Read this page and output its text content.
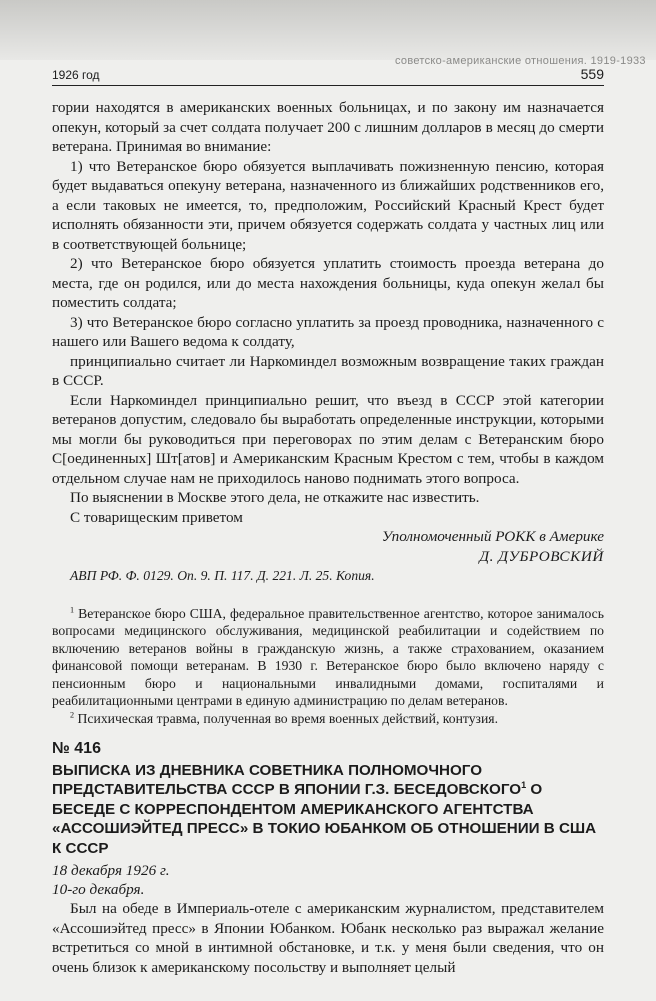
советско-американские отношения. 1919-1933
1926 год	559

гории находятся в американских военных больницах, и по закону им назначается опекун, который за счет солдата получает 200 с лишним долларов в месяц до смерти ветерана. Принимая во внимание:

1) что Ветеранское бюро обязуется выплачивать пожизненную пенсию, которая будет выдаваться опекуну ветерана, назначенного из ближайших родственников его, а если таковых не имеется, то, предположим, Российский Красный Крест будет исполнять обязанности эти, причем обязуется содержать солдата у частных лиц или в соответствующей больнице;

2) что Ветеранское бюро обязуется уплатить стоимость проезда ветерана до места, где он родился, или до места нахождения больницы, куда опекун желал бы поместить солдата;

3) что Ветеранское бюро согласно уплатить за проезд проводника, назначенного с нашего или Вашего ведома к солдату,

принципиально считает ли Наркоминдел возможным возвращение таких граждан в СССР.

Если Наркоминдел принципиально решит, что въезд в СССР этой категории ветеранов допустим, следовало бы выработать определенные инструкции, которыми мы могли бы руководиться при переговорах по этим делам с Ветеранским бюро С[оединенных] Шт[атов] и Американским Красным Крестом с тем, чтобы в каждом отдельном случае нам не приходилось наново поднимать этого вопроса.

По выяснении в Москве этого дела, не откажите нас известить.

С товарищеским приветом

Уполномоченный РОКК в Америке

Д. ДУБРОВСКИЙ

АВП РФ. Ф. 0129. Оп. 9. П. 117. Д. 221. Л. 25. Копия.

$^1$ Ветеранское бюро США, федеральное правительственное агентство, которое занималось вопросами медицинского обслуживания, медицинской реабилитации и содействием по включению ветеранов войны в гражданскую жизнь, а также страхованием, оказанием финансовой помощи ветеранам. В 1930 г. Ветеранское бюро было включено наряду с пенсионным бюро и национальными инвалидными домами, госпиталями и реабилитационными центрами в единую администрацию по делам ветеранов.

$^2$ Психическая травма, полученная во время военных действий, контузия.

№ 416
ВЫПИСКА ИЗ ДНЕВНИКА СОВЕТНИКА ПОЛНОМОЧНОГО ПРЕДСТАВИТЕЛЬСТВА СССР В ЯПОНИИ Г.З. БЕСЕДОВСКОГО$^1$ О БЕСЕДЕ С КОРРЕСПОНДЕНТОМ АМЕРИКАНСКОГО АГЕНТСТВА «АССОШИЭЙТЕД ПРЕСС» В ТОКИО ЮБАНКОМ ОБ ОТНОШЕНИИ В США К СССР
18 декабря 1926 г.
10-го декабря.

Был на обеде в Империаль-отеле с американским журналистом, представителем «Ассошиэйтед пресс» в Японии Юбанком. Юбанк несколько раз выражал желание встретиться со мной в интимной обстановке, и т.к. у меня были сведения, что он очень близок к американскому посольству и выполняет целый
